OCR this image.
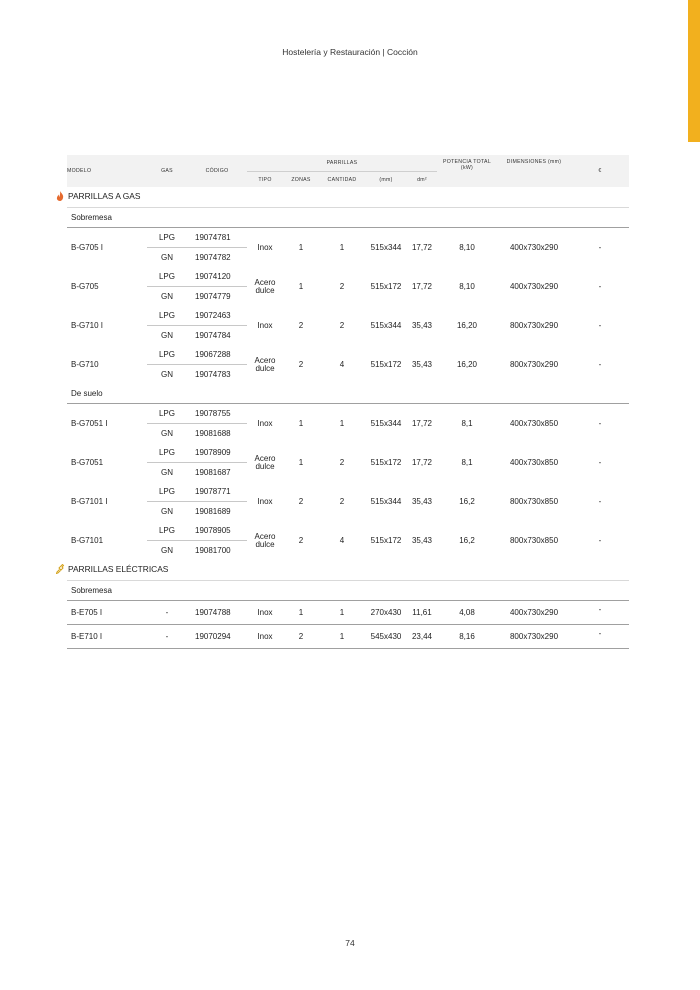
Hostelería y Restauración | Cocción
MODELO	GAS	CÓDIGO	PARRILLAS					POTENCIA TOTAL (kW)	DIMENSIONES (mm)	€
			TIPO	ZONAS	CANTIDAD	(mm)	dm²			
PARRILLAS A GAS										
Sobremesa										
B-G705 I	LPG	19074781	Inox	1	1	515x344	17,72	8,10	400x730x290	-
	GN	19074782								
B-G705	LPG	19074120	Acero dulce	1	2	515x172	17,72	8,10	400x730x290	-
	GN	19074779								
B-G710 I	LPG	19072463	Inox	2	2	515x344	35,43	16,20	800x730x290	-
	GN	19074784								
B-G710	LPG	19067288	Acero dulce	2	4	515x172	35,43	16,20	800x730x290	-
	GN	19074783								
De suelo										
B-G7051 I	LPG	19078755	Inox	1	1	515x344	17,72	8,1	400x730x850	-
	GN	19081688								
B-G7051	LPG	19078909	Acero dulce	1	2	515x172	17,72	8,1	400x730x850	-
	GN	19081687								
B-G7101 I	LPG	19078771	Inox	2	2	515x344	35,43	16,2	800x730x850	-
	GN	19081689								
B-G7101	LPG	19078905	Acero dulce	2	4	515x172	35,43	16,2	800x730x850	-
	GN	19081700								
PARRILLAS ELÉCTRICAS										
Sobremesa										
B-E705 I	-	19074788	Inox	1	1	270x430	11,61	4,08	400x730x290	-
B-E710 I	-	19070294	Inox	2	1	545x430	23,44	8,16	800x730x290	-
74
